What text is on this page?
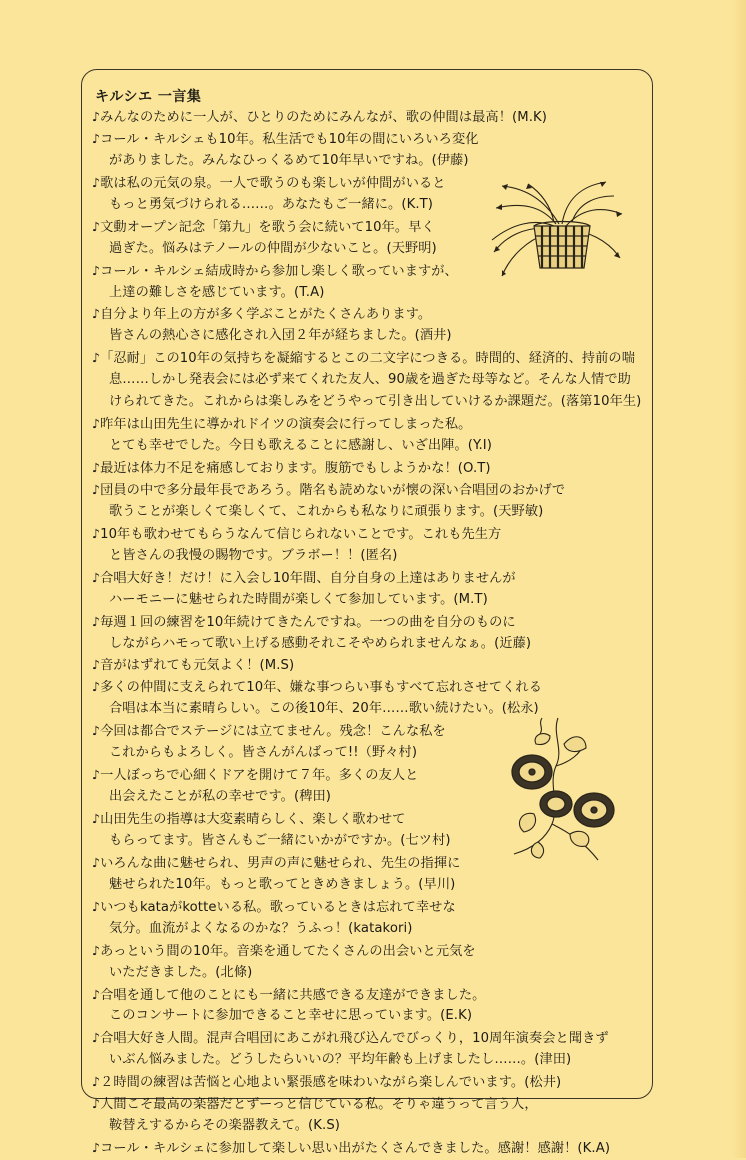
キルシエ 一言集
♪みんなのために一人が、ひとりのためにみんなが、歌の仲間は最高！(M.K)
♪コール・キルシェも10年。私生活でも10年の間にいろいろ変化
がありました。みんなひっくるめて10年早いですね。(伊藤)
♪歌は私の元気の泉。一人で歌うのも楽しいが仲間がいると
もっと勇気づけられる……。あなたもご一緒に。(K.T)
♪文動オープン記念「第九」を歌う会に続いて10年。早く
過ぎた。悩みはテノールの仲間が少ないこと。(天野明)
♪コール・キルシェ結成時から参加し楽しく歌っていますが、
上達の難しさを感じています。(T.A)
♪自分より年上の方が多く学ぶことがたくさんあります。
皆さんの熱心さに感化され入団２年が経ちました。(酒井)
♪「忍耐」この10年の気持ちを凝縮するとこの二文字につきる。時間的、経済的、持前の喘
息……しかし発表会には必ず来てくれた友人、90歳を過ぎた母等など。そんな人情で助
けられてきた。これからは楽しみをどうやって引き出していけるか課題だ。(落第10年生)
♪昨年は山田先生に導かれドイツの演奏会に行ってしまった私。
とても幸せでした。今日も歌えることに感謝し、いざ出陣。(Y.I)
♪最近は体力不足を痛感しております。腹筋でもしようかな！(O.T)
♪団員の中で多分最年長であろう。階名も読めないが懐の深い合唱団のおかげで
歌うことが楽しくて楽しくて、これからも私なりに頑張ります。(天野敏)
♪10年も歌わせてもらうなんて信じられないことです。これも先生方
と皆さんの我慢の賜物です。ブラボー！！(匿名)
♪合唱大好き！だけ！に入会し10年間、自分自身の上達はありませんが
ハーモニーに魅せられた時間が楽しくて参加しています。(M.T)
♪毎週１回の練習を10年続けてきたんですね。一つの曲を自分のものに
しながらハモって歌い上げる感動それこそやめられませんなぁ。(近藤)
♪音がはずれても元気よく！(M.S)
♪多くの仲間に支えられて10年、嫌な事つらい事もすべて忘れさせてくれる
合唱は本当に素晴らしい。この後10年、20年……歌い続けたい。(松永)
♪今回は都合でステージには立てません。残念！こんな私を
これからもよろしく。皆さんがんばって!!（野々村)
♪一人ぼっちで心細くドアを開けて７年。多くの友人と
出会えたことが私の幸せです。(稗田)
♪山田先生の指導は大変素晴らしく、楽しく歌わせて
もらってます。皆さんもご一緒にいかがですか。(七ツ村)
♪いろんな曲に魅せられ、男声の声に魅せられ、先生の指揮に
魅せられた10年。もっと歌ってときめきましょう。(早川)
♪いつもkataがkotteいる私。歌っているときは忘れて幸せな
気分。血流がよくなるのかな？うふっ！(katakori)
♪あっという間の10年。音楽を通してたくさんの出会いと元気を
いただきました。(北條)
♪合唱を通して他のことにも一緒に共感できる友達ができました。
このコンサートに参加できること幸せに思っています。(E.K)
♪合唱大好き人間。混声合唱団にあこがれ飛び込んでびっくり，10周年演奏会と聞きず
いぶん悩みました。どうしたらいいの？平均年齢も上げましたし……。(津田)
♪２時間の練習は苦悩と心地よい緊張感を味わいながら楽しんでいます。(松井)
♪人間こそ最高の楽器だとずーっと信じている私。そりゃ違うって言う人，
鞍替えするからその楽器教えて。(K.S)
♪コール・キルシェに参加して楽しい思い出がたくさんできました。感謝！感謝！(K.A)
